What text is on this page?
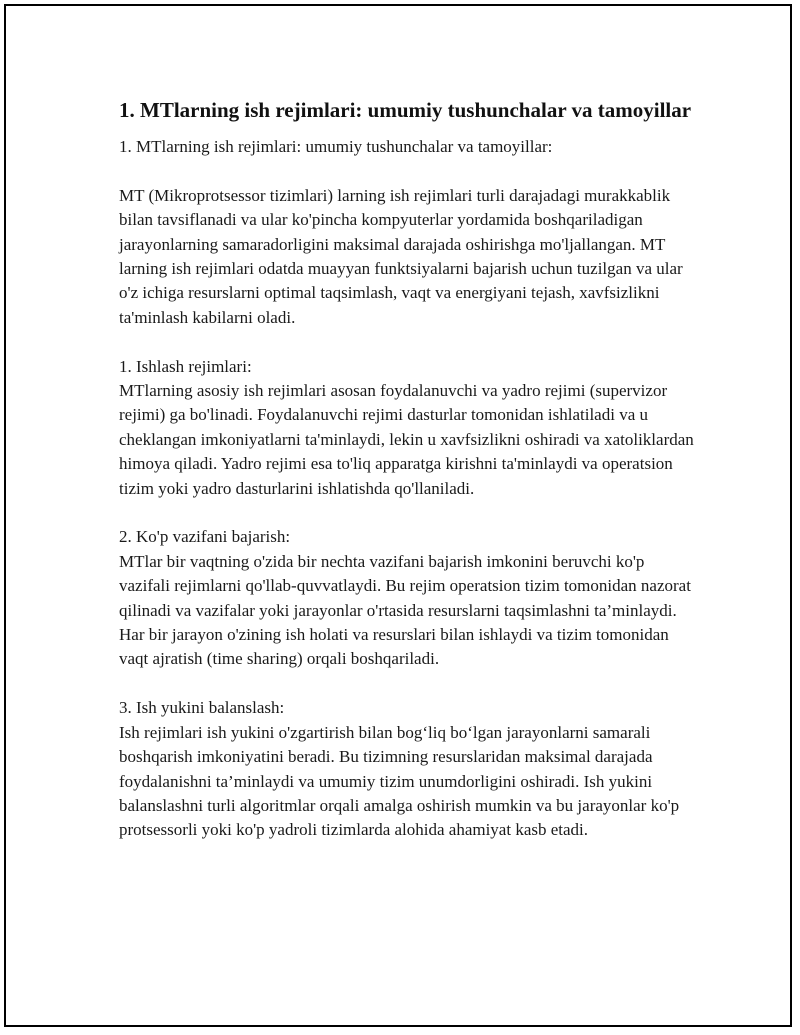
1. MTlarning ish rejimlari: umumiy tushunchalar va tamoyillar

1. MTlarning ish rejimlari: umumiy tushunchalar va tamoyillar:

MT (Mikroprotsessor tizimlari) larning ish rejimlari turli darajadagi murakkablik bilan tavsiflanadi va ular ko'pincha kompyuterlar yordamida boshqariladigan jarayonlarning samaradorligini maksimal darajada oshirishga mo'ljallangan. MT larning ish rejimlari odatda muayyan funktsiyalarni bajarish uchun tuzilgan va ular o'z ichiga resurslarni optimal taqsimlash, vaqt va energiyani tejash, xavfsizlikni ta'minlash kabilarni oladi.

1. Ishlash rejimlari:

MTlarning asosiy ish rejimlari asosan foydalanuvchi va yadro rejimi (supervizor rejimi) ga bo'linadi. Foydalanuvchi rejimi dasturlar tomonidan ishlatiladi va u cheklangan imkoniyatlarni ta'minlaydi, lekin u xavfsizlikni oshiradi va xatoliklardan himoya qiladi. Yadro rejimi esa to'liq apparatga kirishni ta'minlaydi va operatsion tizim yoki yadro dasturlarini ishlatishda qo'llaniladi.

2. Ko'p vazifani bajarish:

MTlar bir vaqtning o'zida bir nechta vazifani bajarish imkonini beruvchi ko'p vazifali rejimlarni qo'llab-quvvatlaydi. Bu rejim operatsion tizim tomonidan nazorat qilinadi va vazifalar yoki jarayonlar o'rtasida resurslarni taqsimlashni ta’minlaydi. Har bir jarayon o'zining ish holati va resurslari bilan ishlaydi va tizim tomonidan vaqt ajratish (time sharing) orqali boshqariladi.

3. Ish yukini balanslash:

Ish rejimlari ish yukini o'zgartirish bilan bog‘liq bo‘lgan jarayonlarni samarali boshqarish imkoniyatini beradi. Bu tizimning resurslaridan maksimal darajada foydalanishni ta’minlaydi va umumiy tizim unumdorligini oshiradi. Ish yukini balanslashni turli algoritmlar orqali amalga oshirish mumkin va bu jarayonlar ko'p protsessorli yoki ko'p yadroli tizimlarda alohida ahamiyat kasb etadi.
